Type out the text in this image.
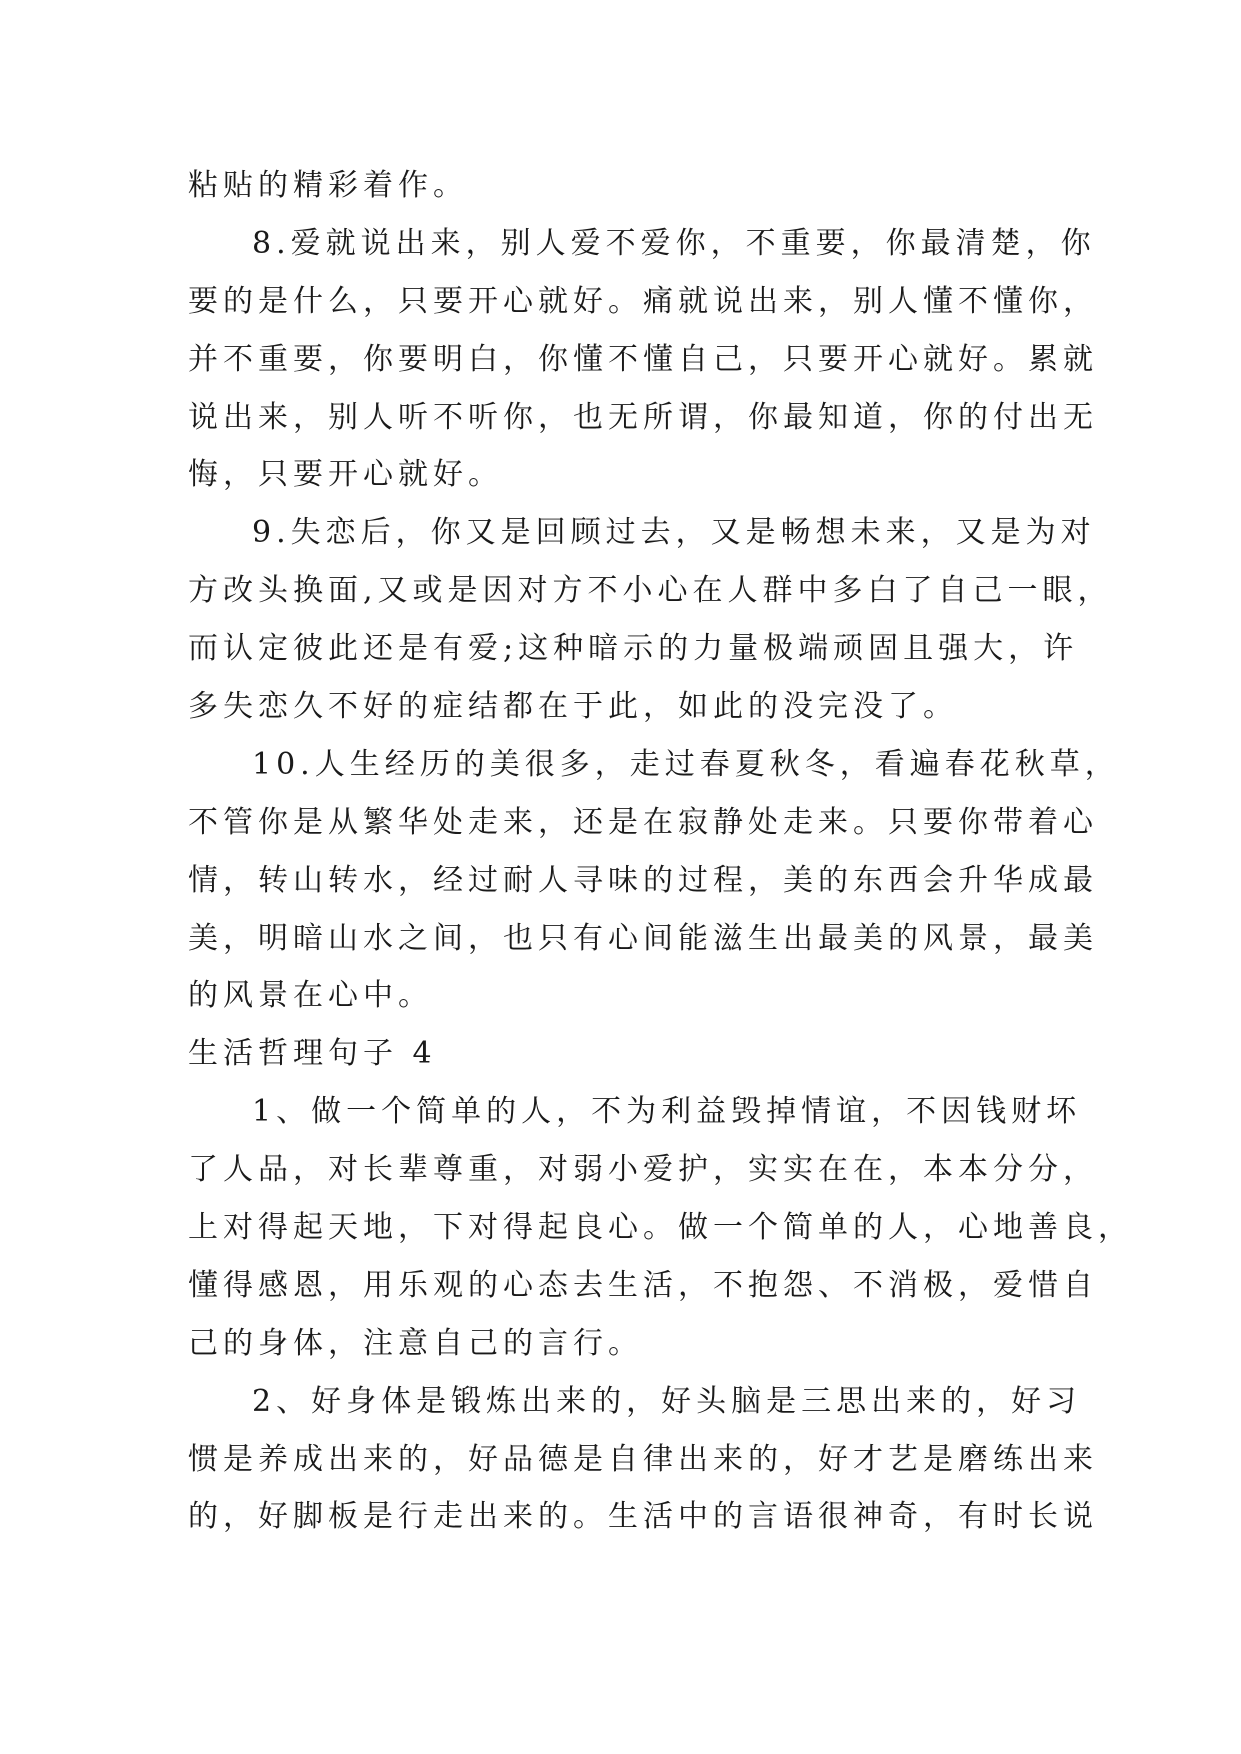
粘贴的精彩着作。
8.爱就说出来，别人爱不爱你，不重要，你最清楚，你
要的是什么，只要开心就好。痛就说出来，别人懂不懂你，
并不重要，你要明白，你懂不懂自己，只要开心就好。累就
说出来，别人听不听你，也无所谓，你最知道，你的付出无
悔，只要开心就好。
9.失恋后，你又是回顾过去，又是畅想未来，又是为对
方改头换面,又或是因对方不小心在人群中多白了自己一眼，
而认定彼此还是有爱;这种暗示的力量极端顽固且强大，许
多失恋久不好的症结都在于此，如此的没完没了。
10.人生经历的美很多，走过春夏秋冬，看遍春花秋草，
不管你是从繁华处走来，还是在寂静处走来。只要你带着心
情，转山转水，经过耐人寻味的过程，美的东西会升华成最
美，明暗山水之间，也只有心间能滋生出最美的风景，最美
的风景在心中。
生活哲理句子 4
1、做一个简单的人，不为利益毁掉情谊，不因钱财坏
了人品，对长辈尊重，对弱小爱护，实实在在，本本分分，
上对得起天地，下对得起良心。做一个简单的人，心地善良，
懂得感恩，用乐观的心态去生活，不抱怨、不消极，爱惜自
己的身体，注意自己的言行。
2、好身体是锻炼出来的，好头脑是三思出来的，好习
惯是养成出来的，好品德是自律出来的，好才艺是磨练出来
的，好脚板是行走出来的。生活中的言语很神奇，有时长说
